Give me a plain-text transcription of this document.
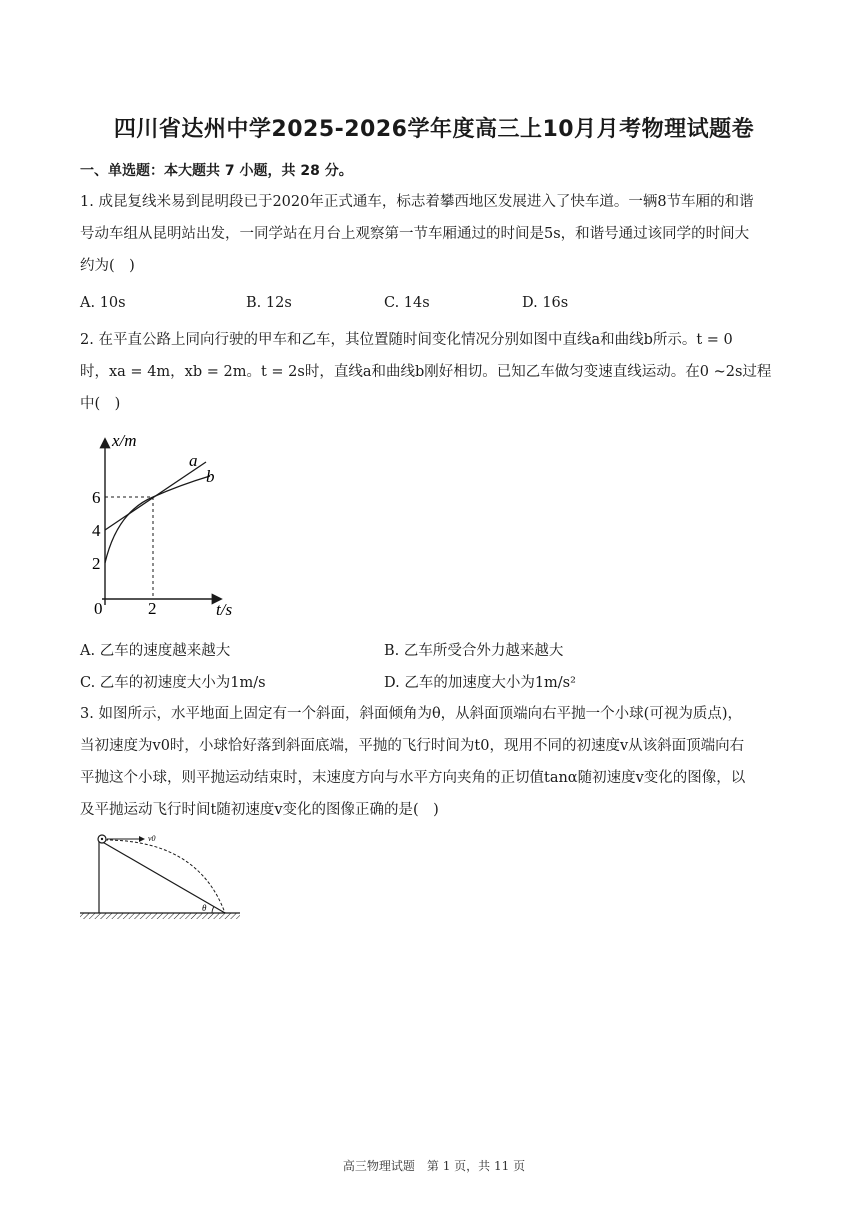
四川省达州中学2025-2026学年度高三上10月月考物理试题卷
一、单选题：本大题共 7 小题，共 28 分。
1. 成昆复线米易到昆明段已于2020年正式通车，标志着攀西地区发展进入了快车道。一辆8节车厢的和谐
号动车组从昆明站出发，一同学站在月台上观察第一节车厢通过的时间是5s，和谐号通过该同学的时间大
约为(　)
A. 10s	B. 12s	C. 14s	D. 16s
2. 在平直公路上同向行驶的甲车和乙车，其位置随时间变化情况分别如图中直线a和曲线b所示。t = 0
时，xa = 4m，xb = 2m。t = 2s时，直线a和曲线b刚好相切。已知乙车做匀变速直线运动。在0 ~2s过程
中(　)
x/m
t/s
0
2
4
6
2
a
b
A. 乙车的速度越来越大	B. 乙车所受合外力越来越大
C. 乙车的初速度大小为1m/s	D. 乙车的加速度大小为1m/s²
3. 如图所示，水平地面上固定有一个斜面，斜面倾角为θ，从斜面顶端向右平抛一个小球(可视为质点)，
当初速度为v0时，小球恰好落到斜面底端，平抛的飞行时间为t0，现用不同的初速度v从该斜面顶端向右
平抛这个小球，则平抛运动结束时，末速度方向与水平方向夹角的正切值tanα随初速度v变化的图像，以
及平抛运动飞行时间t随初速度v变化的图像正确的是(　)
v0
θ
高三物理试题　第 1 页，共 11 页
